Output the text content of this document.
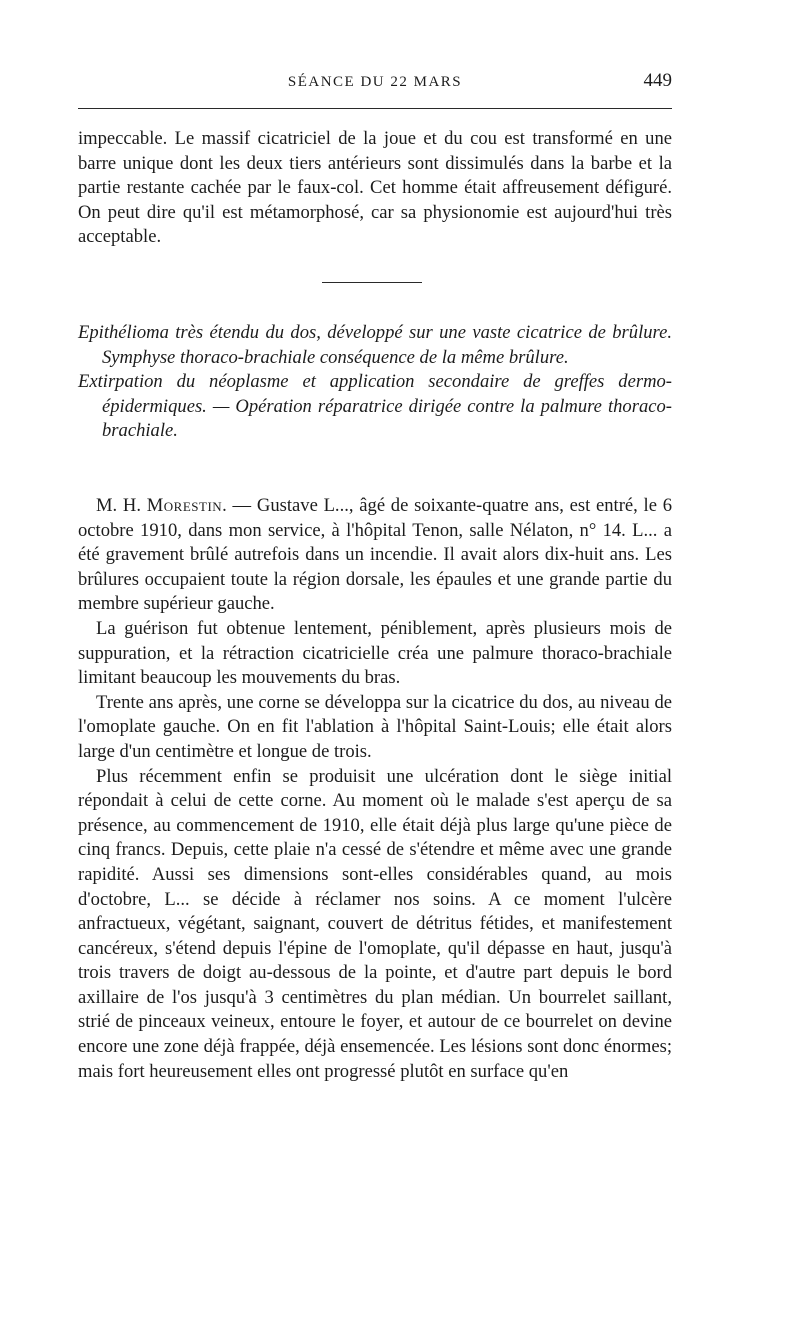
SÉANCE DU 22 MARS	449

impeccable. Le massif cicatriciel de la joue et du cou est transformé en une barre unique dont les deux tiers antérieurs sont dissimulés dans la barbe et la partie restante cachée par le faux-col. Cet homme était affreusement défiguré. On peut dire qu'il est métamorphosé, car sa physionomie est aujourd'hui très acceptable.

Epithélioma très étendu du dos, développé sur une vaste cicatrice de brûlure. Symphyse thoraco-brachiale conséquence de la même brûlure.

Extirpation du néoplasme et application secondaire de greffes dermo-épidermiques. — Opération réparatrice dirigée contre la palmure thoraco-brachiale.

M. H. Morestin. — Gustave L..., âgé de soixante-quatre ans, est entré, le 6 octobre 1910, dans mon service, à l'hôpital Tenon, salle Nélaton, n° 14. L... a été gravement brûlé autrefois dans un incendie. Il avait alors dix-huit ans. Les brûlures occupaient toute la région dorsale, les épaules et une grande partie du membre supérieur gauche.

La guérison fut obtenue lentement, péniblement, après plusieurs mois de suppuration, et la rétraction cicatricielle créa une palmure thoraco-brachiale limitant beaucoup les mouvements du bras.

Trente ans après, une corne se développa sur la cicatrice du dos, au niveau de l'omoplate gauche. On en fit l'ablation à l'hôpital Saint-Louis; elle était alors large d'un centimètre et longue de trois.

Plus récemment enfin se produisit une ulcération dont le siège initial répondait à celui de cette corne. Au moment où le malade s'est aperçu de sa présence, au commencement de 1910, elle était déjà plus large qu'une pièce de cinq francs. Depuis, cette plaie n'a cessé de s'étendre et même avec une grande rapidité. Aussi ses dimensions sont-elles considérables quand, au mois d'octobre, L... se décide à réclamer nos soins. A ce moment l'ulcère anfractueux, végétant, saignant, couvert de détritus fétides, et manifestement cancéreux, s'étend depuis l'épine de l'omoplate, qu'il dépasse en haut, jusqu'à trois travers de doigt au-dessous de la pointe, et d'autre part depuis le bord axillaire de l'os jusqu'à 3 centimètres du plan médian. Un bourrelet saillant, strié de pinceaux veineux, entoure le foyer, et autour de ce bourrelet on devine encore une zone déjà frappée, déjà ensemencée. Les lésions sont donc énormes; mais fort heureusement elles ont progressé plutôt en surface qu'en
